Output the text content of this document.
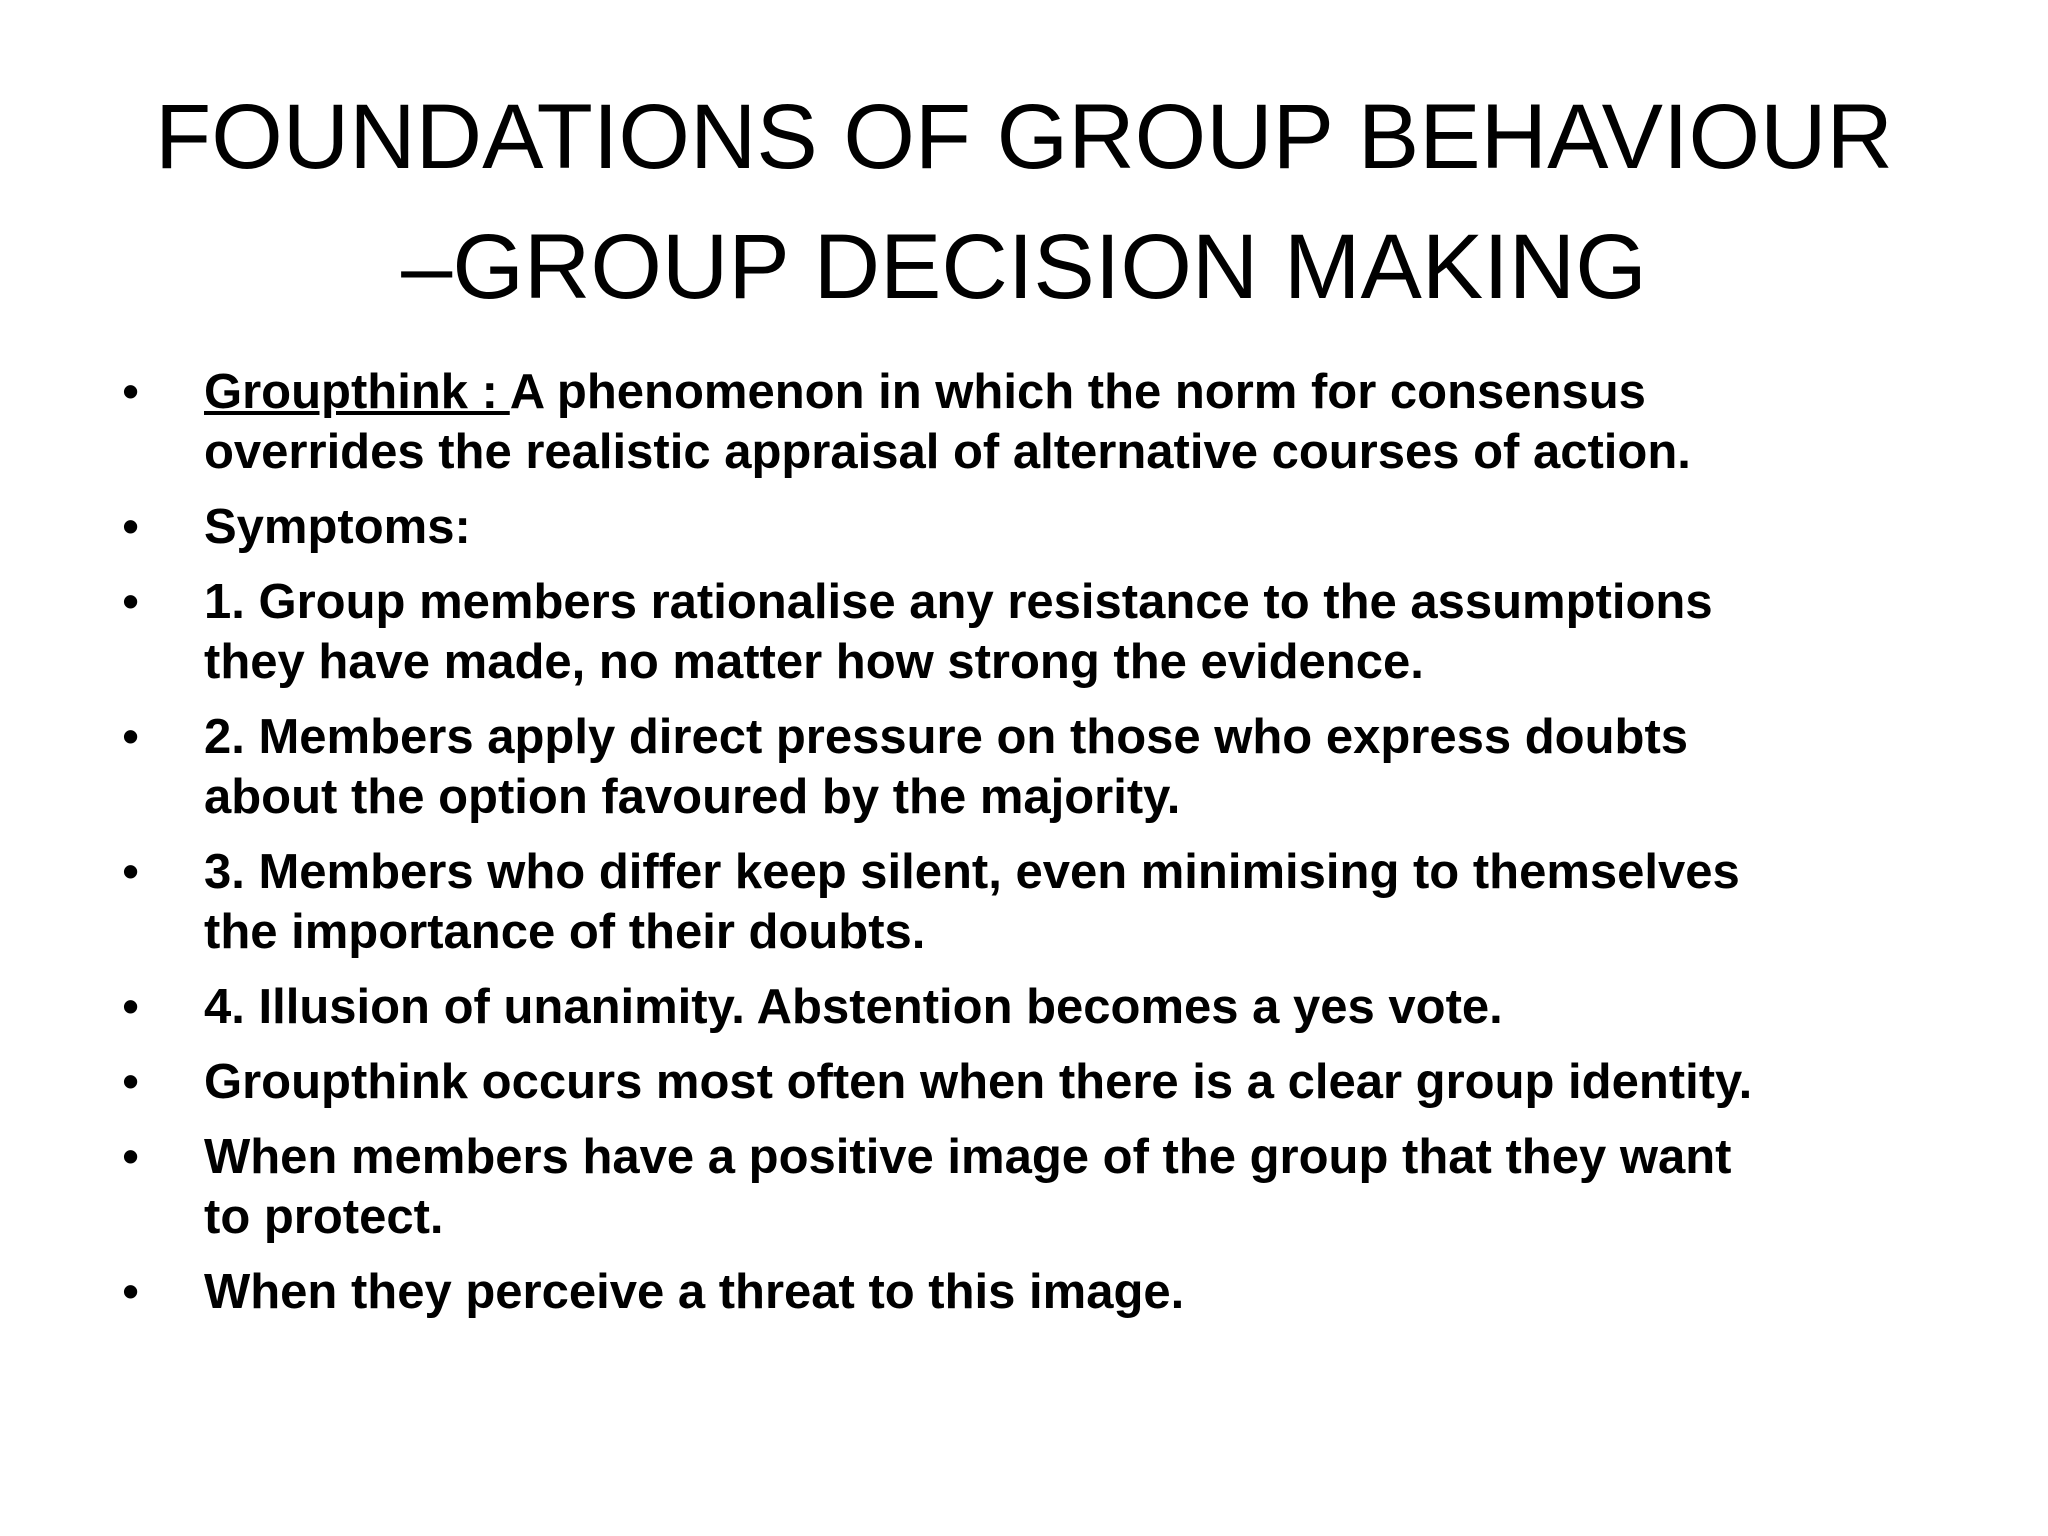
FOUNDATIONS OF GROUP BEHAVIOUR
–GROUP DECISION MAKING
• Groupthink : A phenomenon in which the norm for consensus
overrides the realistic appraisal of alternative courses of action.
• Symptoms:
• 1. Group members rationalise any resistance to the assumptions
they have made, no matter how strong the evidence.
• 2. Members apply direct pressure on those who express doubts
about the option favoured by the majority.
• 3. Members who differ keep silent, even minimising to themselves
the importance of their doubts.
• 4. Illusion of unanimity. Abstention becomes a yes vote.
• Groupthink occurs most often when there is a clear group identity.
• When members have a positive image of the group that they want
to protect.
• When they perceive a threat to this image.
